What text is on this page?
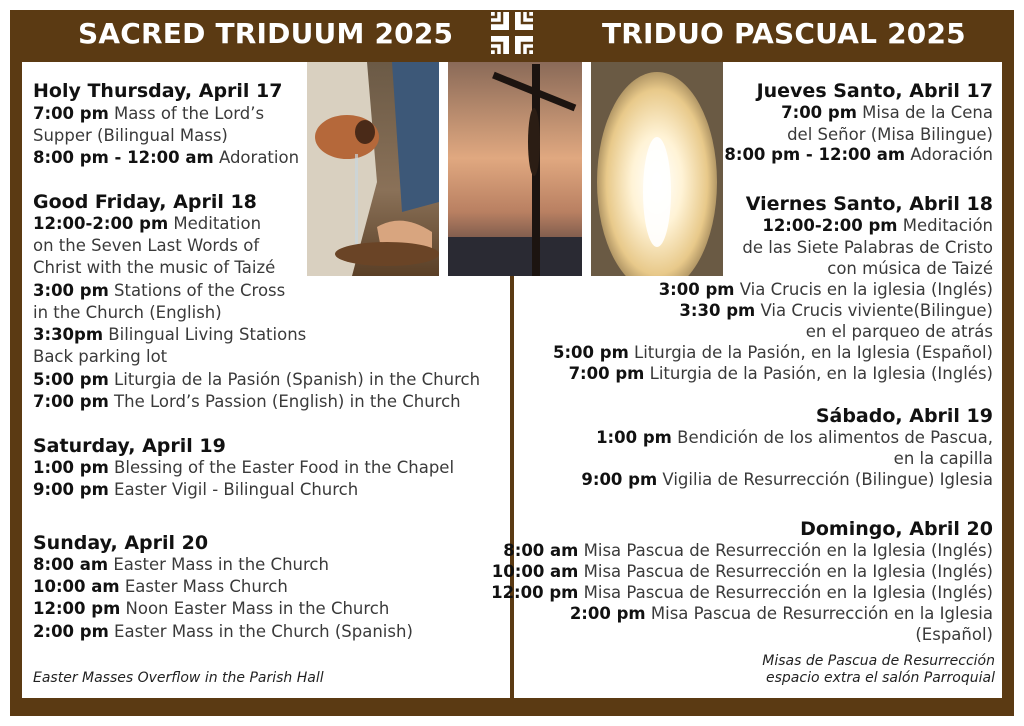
SACRED TRIDUUM 2025	TRIDUO PASCUAL 2025
Holy Thursday, April 17
7:00 pm Mass of the Lord’s
Supper (Bilingual Mass)
8:00 pm - 12:00 am Adoration
Good Friday, April 18
12:00-2:00 pm Meditation
on the Seven Last Words of
Christ with the music of Taizé
3:00 pm Stations of the Cross
in the Church (English)
3:30pm Bilingual Living Stations
Back parking lot
5:00 pm Liturgia de la Pasión (Spanish) in the Church
7:00 pm The Lord’s Passion (English) in the Church
Saturday, April 19
1:00 pm Blessing of the Easter Food in the Chapel
9:00 pm Easter Vigil - Bilingual Church
Sunday, April 20
8:00 am Easter Mass in the Church
10:00 am Easter Mass Church
12:00 pm Noon Easter Mass in the Church
2:00 pm Easter Mass in the Church (Spanish)
Easter Masses Overflow in the Parish Hall
Jueves Santo, Abril 17
7:00 pm Misa de la Cena
del Señor (Misa Bilingue)
8:00 pm - 12:00 am Adoración
Viernes Santo, Abril 18
12:00-2:00 pm Meditación
de las Siete Palabras de Cristo
con música de Taizé
3:00 pm Via Crucis en la iglesia (Inglés)
3:30 pm Via Crucis viviente(Bilingue)
en el parqueo de atrás
5:00 pm Liturgia de la Pasión, en la Iglesia (Español)
7:00 pm Liturgia de la Pasión, en la Iglesia (Inglés)
Sábado, Abril 19
1:00 pm Bendición de los alimentos de Pascua,
en la capilla
9:00 pm Vigilia de Resurrección (Bilingue) Iglesia
Domingo, Abril 20
8:00 am Misa Pascua de Resurrección en la Iglesia (Inglés)
10:00 am Misa Pascua de Resurrección en la Iglesia (Inglés)
12:00 pm Misa Pascua de Resurrección en la Iglesia (Inglés)
2:00 pm Misa Pascua de Resurrección en la Iglesia
(Español)
Misas de Pascua de Resurrección
espacio extra el salón Parroquial
